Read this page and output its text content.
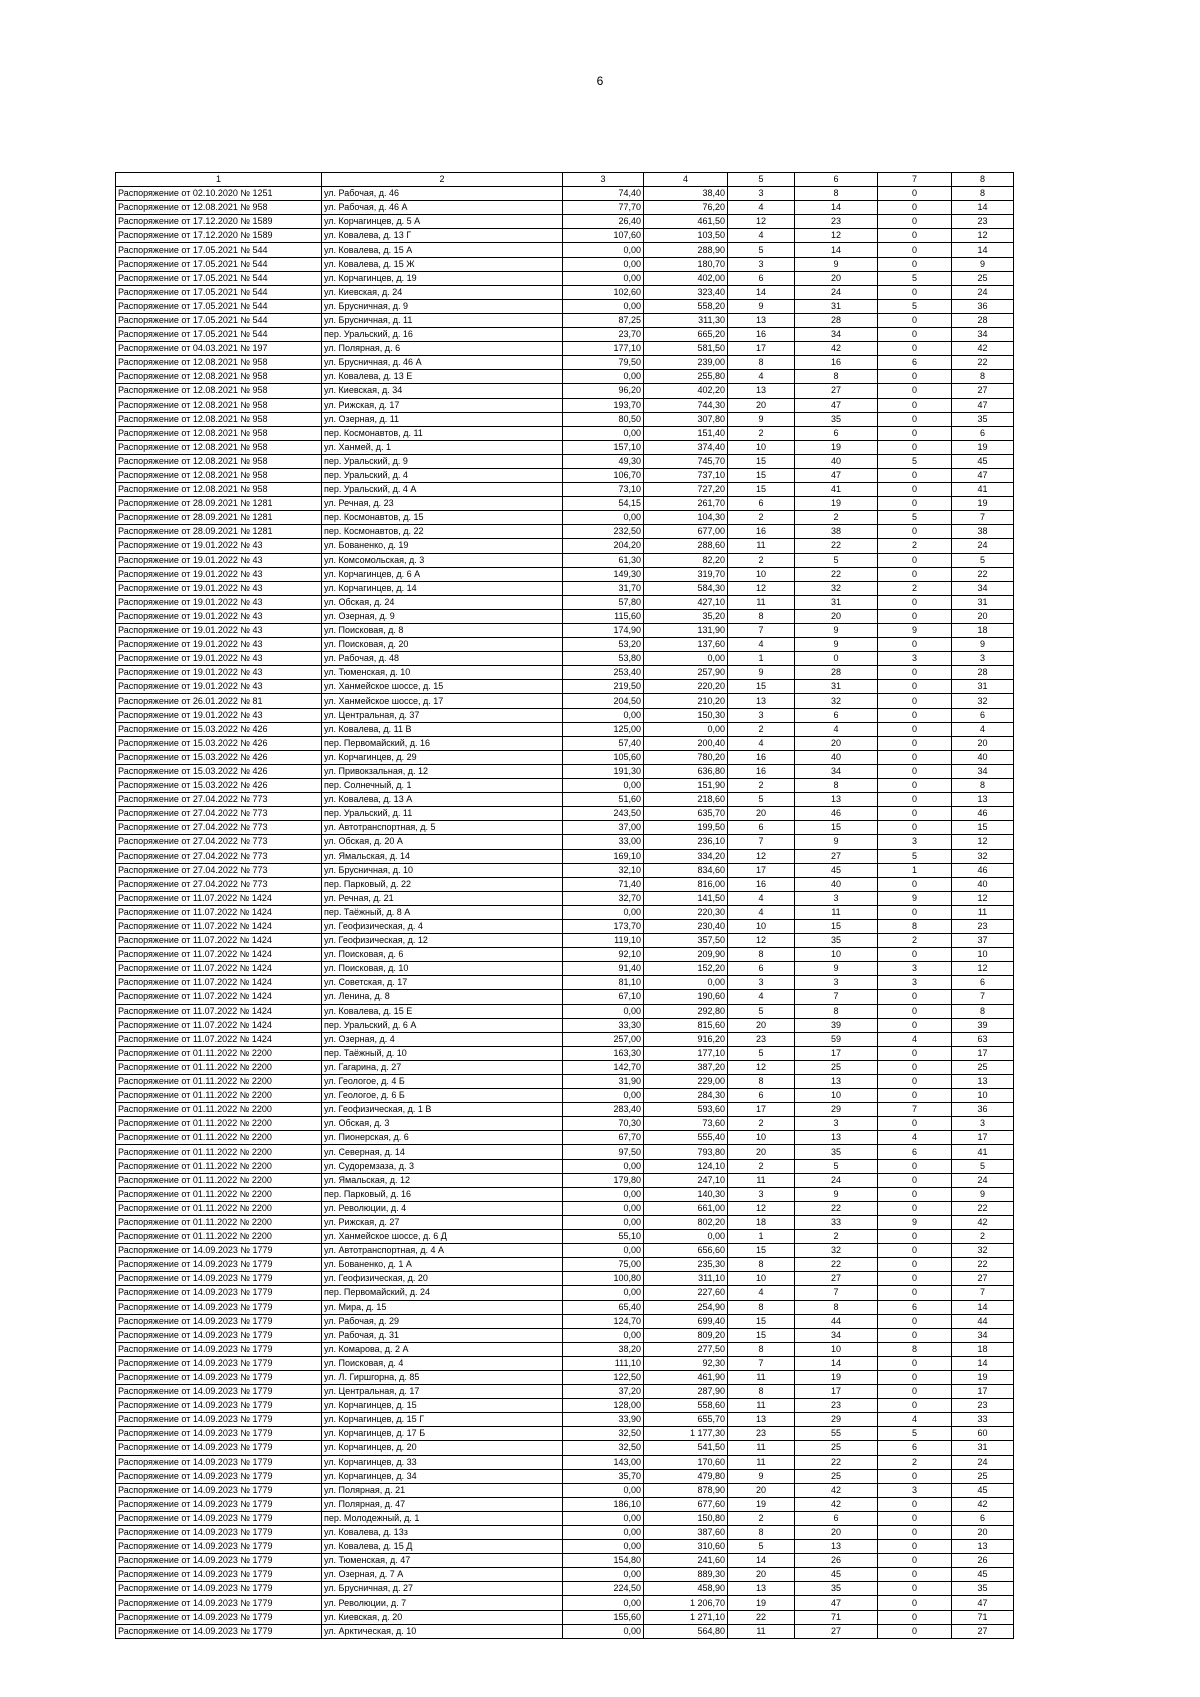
6
1	2	3	4	5	6	7	8
Распоряжение от 02.10.2020 № 1251	ул. Рабочая, д. 46	74,40	38,40	3	8	0	8
Распоряжение от 12.08.2021 № 958	ул. Рабочая, д. 46 А	77,70	76,20	4	14	0	14
Распоряжение от 17.12.2020 № 1589	ул. Корчагинцев, д. 5 А	26,40	461,50	12	23	0	23
Распоряжение от 17.12.2020 № 1589	ул. Ковалева, д. 13 Г	107,60	103,50	4	12	0	12
Распоряжение от 17.05.2021 № 544	ул. Ковалева, д. 15 А	0,00	288,90	5	14	0	14
Распоряжение от 17.05.2021 № 544	ул. Ковалева, д. 15 Ж	0,00	180,70	3	9	0	9
Распоряжение от 17.05.2021 № 544	ул. Корчагинцев, д. 19	0,00	402,00	6	20	5	25
Распоряжение от 17.05.2021 № 544	ул. Киевская, д. 24	102,60	323,40	14	24	0	24
Распоряжение от 17.05.2021 № 544	ул. Брусничная, д. 9	0,00	558,20	9	31	5	36
Распоряжение от 17.05.2021 № 544	ул. Брусничная, д. 11	87,25	311,30	13	28	0	28
Распоряжение от 17.05.2021 № 544	пер. Уральский, д. 16	23,70	665,20	16	34	0	34
Распоряжение от 04.03.2021 № 197	ул. Полярная, д. 6	177,10	581,50	17	42	0	42
Распоряжение от 12.08.2021 № 958	ул. Брусничная, д. 46 А	79,50	239,00	8	16	6	22
Распоряжение от 12.08.2021 № 958	ул. Ковалева, д. 13 Е	0,00	255,80	4	8	0	8
Распоряжение от 12.08.2021 № 958	ул. Киевская, д. 34	96,20	402,20	13	27	0	27
Распоряжение от 12.08.2021 № 958	ул. Рижская, д. 17	193,70	744,30	20	47	0	47
Распоряжение от 12.08.2021 № 958	ул. Озерная, д. 11	80,50	307,80	9	35	0	35
Распоряжение от 12.08.2021 № 958	пер. Космонавтов, д. 11	0,00	151,40	2	6	0	6
Распоряжение от 12.08.2021 № 958	ул. Ханмей, д. 1	157,10	374,40	10	19	0	19
Распоряжение от 12.08.2021 № 958	пер. Уральский, д. 9	49,30	745,70	15	40	5	45
Распоряжение от 12.08.2021 № 958	пер. Уральский, д. 4	106,70	737,10	15	47	0	47
Распоряжение от 12.08.2021 № 958	пер. Уральский, д. 4 А	73,10	727,20	15	41	0	41
Распоряжение от 28.09.2021 № 1281	ул. Речная, д. 23	54,15	261,70	6	19	0	19
Распоряжение от 28.09.2021 № 1281	пер. Космонавтов, д. 15	0,00	104,30	2	2	5	7
Распоряжение от 28.09.2021 № 1281	пер. Космонавтов, д. 22	232,50	677,00	16	38	0	38
Распоряжение от 19.01.2022 № 43	ул. Бованенко, д. 19	204,20	288,60	11	22	2	24
Распоряжение от 19.01.2022 № 43	ул. Комсомольская, д. 3	61,30	82,20	2	5	0	5
Распоряжение от 19.01.2022 № 43	ул. Корчагинцев, д. 6 А	149,30	319,70	10	22	0	22
Распоряжение от 19.01.2022 № 43	ул. Корчагинцев, д. 14	31,70	584,30	12	32	2	34
Распоряжение от 19.01.2022 № 43	ул. Обская, д. 24	57,80	427,10	11	31	0	31
Распоряжение от 19.01.2022 № 43	ул. Озерная, д. 9	115,60	35,20	8	20	0	20
Распоряжение от 19.01.2022 № 43	ул. Поисковая, д. 8	174,90	131,90	7	9	9	18
Распоряжение от 19.01.2022 № 43	ул. Поисковая, д. 20	53,20	137,60	4	9	0	9
Распоряжение от 19.01.2022 № 43	ул. Рабочая, д. 48	53,80	0,00	1	0	3	3
Распоряжение от 19.01.2022 № 43	ул. Тюменская, д. 10	253,40	257,90	9	28	0	28
Распоряжение от 19.01.2022 № 43	ул. Ханмейское шоссе, д. 15	219,50	220,20	15	31	0	31
Распоряжение от 26.01.2022 № 81	ул. Ханмейское шоссе, д. 17	204,50	210,20	13	32	0	32
Распоряжение от 19.01.2022 № 43	ул. Центральная, д. 37	0,00	150,30	3	6	0	6
Распоряжение от 15.03.2022 № 426	ул. Ковалева, д. 11 В	125,00	0,00	2	4	0	4
Распоряжение от 15.03.2022 № 426	пер. Первомайский, д. 16	57,40	200,40	4	20	0	20
Распоряжение от 15.03.2022 № 426	ул. Корчагинцев, д. 29	105,60	780,20	16	40	0	40
Распоряжение от 15.03.2022 № 426	ул. Привокзальная, д. 12	191,30	636,80	16	34	0	34
Распоряжение от 15.03.2022 № 426	пер. Солнечный, д. 1	0,00	151,90	2	8	0	8
Распоряжение от 27.04.2022 № 773	ул. Ковалева, д. 13 А	51,60	218,60	5	13	0	13
Распоряжение от 27.04.2022 № 773	пер. Уральский, д. 11	243,50	635,70	20	46	0	46
Распоряжение от 27.04.2022 № 773	ул. Автотранспортная, д. 5	37,00	199,50	6	15	0	15
Распоряжение от 27.04.2022 № 773	ул. Обская, д. 20 А	33,00	236,10	7	9	3	12
Распоряжение от 27.04.2022 № 773	ул. Ямальская, д. 14	169,10	334,20	12	27	5	32
Распоряжение от 27.04.2022 № 773	ул. Брусничная, д. 10	32,10	834,60	17	45	1	46
Распоряжение от 27.04.2022 № 773	пер. Парковый, д. 22	71,40	816,00	16	40	0	40
Распоряжение от 11.07.2022 № 1424	ул. Речная, д. 21	32,70	141,50	4	3	9	12
Распоряжение от 11.07.2022 № 1424	пер. Таёжный, д. 8 А	0,00	220,30	4	11	0	11
Распоряжение от 11.07.2022 № 1424	ул. Геофизическая, д. 4	173,70	230,40	10	15	8	23
Распоряжение от 11.07.2022 № 1424	ул. Геофизическая, д. 12	119,10	357,50	12	35	2	37
Распоряжение от 11.07.2022 № 1424	ул. Поисковая, д. 6	92,10	209,90	8	10	0	10
Распоряжение от 11.07.2022 № 1424	ул. Поисковая, д. 10	91,40	152,20	6	9	3	12
Распоряжение от 11.07.2022 № 1424	ул. Советская, д. 17	81,10	0,00	3	3	3	6
Распоряжение от 11.07.2022 № 1424	ул. Ленина, д. 8	67,10	190,60	4	7	0	7
Распоряжение от 11.07.2022 № 1424	ул. Ковалева, д. 15 Е	0,00	292,80	5	8	0	8
Распоряжение от 11.07.2022 № 1424	пер. Уральский, д. 6 А	33,30	815,60	20	39	0	39
Распоряжение от 11.07.2022 № 1424	ул. Озерная, д. 4	257,00	916,20	23	59	4	63
Распоряжение от 01.11.2022 № 2200	пер. Таёжный, д. 10	163,30	177,10	5	17	0	17
Распоряжение от 01.11.2022 № 2200	ул. Гагарина, д. 27	142,70	387,20	12	25	0	25
Распоряжение от 01.11.2022 № 2200	ул. Геологое, д. 4 Б	31,90	229,00	8	13	0	13
Распоряжение от 01.11.2022 № 2200	ул. Геологое, д. 6 Б	0,00	284,30	6	10	0	10
Распоряжение от 01.11.2022 № 2200	ул. Геофизическая, д. 1 В	283,40	593,60	17	29	7	36
Распоряжение от 01.11.2022 № 2200	ул. Обская, д. 3	70,30	73,60	2	3	0	3
Распоряжение от 01.11.2022 № 2200	ул. Пионерская, д. 6	67,70	555,40	10	13	4	17
Распоряжение от 01.11.2022 № 2200	ул. Северная, д. 14	97,50	793,80	20	35	6	41
Распоряжение от 01.11.2022 № 2200	ул. Судоремзаза, д. 3	0,00	124,10	2	5	0	5
Распоряжение от 01.11.2022 № 2200	ул. Ямальская, д. 12	179,80	247,10	11	24	0	24
Распоряжение от 01.11.2022 № 2200	пер. Парковый, д. 16	0,00	140,30	3	9	0	9
Распоряжение от 01.11.2022 № 2200	ул. Революции, д. 4	0,00	661,00	12	22	0	22
Распоряжение от 01.11.2022 № 2200	ул. Рижская, д. 27	0,00	802,20	18	33	9	42
Распоряжение от 01.11.2022 № 2200	ул. Ханмейское шоссе, д. 6 Д	55,10	0,00	1	2	0	2
Распоряжение от 14.09.2023 № 1779	ул. Автотранспортная, д. 4 А	0,00	656,60	15	32	0	32
Распоряжение от 14.09.2023 № 1779	ул. Бованенко, д. 1 А	75,00	235,30	8	22	0	22
Распоряжение от 14.09.2023 № 1779	ул. Геофизическая, д. 20	100,80	311,10	10	27	0	27
Распоряжение от 14.09.2023 № 1779	пер. Первомайский, д. 24	0,00	227,60	4	7	0	7
Распоряжение от 14.09.2023 № 1779	ул. Мира, д. 15	65,40	254,90	8	8	6	14
Распоряжение от 14.09.2023 № 1779	ул. Рабочая, д. 29	124,70	699,40	15	44	0	44
Распоряжение от 14.09.2023 № 1779	ул. Рабочая, д. 31	0,00	809,20	15	34	0	34
Распоряжение от 14.09.2023 № 1779	ул. Комарова, д. 2 А	38,20	277,50	8	10	8	18
Распоряжение от 14.09.2023 № 1779	ул. Поисковая, д. 4	111,10	92,30	7	14	0	14
Распоряжение от 14.09.2023 № 1779	ул. Л. Гиршгорна, д. 85	122,50	461,90	11	19	0	19
Распоряжение от 14.09.2023 № 1779	ул. Центральная, д. 17	37,20	287,90	8	17	0	17
Распоряжение от 14.09.2023 № 1779	ул. Корчагинцев, д. 15	128,00	558,60	11	23	0	23
Распоряжение от 14.09.2023 № 1779	ул. Корчагинцев, д. 15 Г	33,90	655,70	13	29	4	33
Распоряжение от 14.09.2023 № 1779	ул. Корчагинцев, д. 17 Б	32,50	1 177,30	23	55	5	60
Распоряжение от 14.09.2023 № 1779	ул. Корчагинцев, д. 20	32,50	541,50	11	25	6	31
Распоряжение от 14.09.2023 № 1779	ул. Корчагинцев, д. 33	143,00	170,60	11	22	2	24
Распоряжение от 14.09.2023 № 1779	ул. Корчагинцев, д. 34	35,70	479,80	9	25	0	25
Распоряжение от 14.09.2023 № 1779	ул. Полярная, д. 21	0,00	878,90	20	42	3	45
Распоряжение от 14.09.2023 № 1779	ул. Полярная, д. 47	186,10	677,60	19	42	0	42
Распоряжение от 14.09.2023 № 1779	пер. Молодежный, д. 1	0,00	150,80	2	6	0	6
Распоряжение от 14.09.2023 № 1779	ул. Ковалева, д. 13з	0,00	387,60	8	20	0	20
Распоряжение от 14.09.2023 № 1779	ул. Ковалева, д. 15 Д	0,00	310,60	5	13	0	13
Распоряжение от 14.09.2023 № 1779	ул. Тюменская, д. 47	154,80	241,60	14	26	0	26
Распоряжение от 14.09.2023 № 1779	ул. Озерная, д. 7 А	0,00	889,30	20	45	0	45
Распоряжение от 14.09.2023 № 1779	ул. Брусничная, д. 27	224,50	458,90	13	35	0	35
Распоряжение от 14.09.2023 № 1779	ул. Революции, д. 7	0,00	1 206,70	19	47	0	47
Распоряжение от 14.09.2023 № 1779	ул. Киевская, д. 20	155,60	1 271,10	22	71	0	71
Распоряжение от 14.09.2023 № 1779	ул. Арктическая, д. 10	0,00	564,80	11	27	0	27
